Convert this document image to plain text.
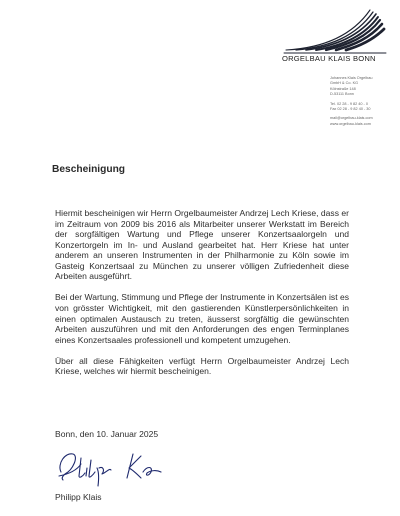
ORGELBAU KLAIS BONN
Johannes Klais Orgelbau
GmbH & Co. KG
Kölnstraße 148
D-53111 Bonn
Tel. 02 28 - 9 82 40 - 0
Fax 02 28 - 9 82 40 - 30
mail@orgelbau-klais.com
www.orgelbau-klais.com
Bescheinigung

Hiermit bescheinigen wir Herrn Orgelbaumeister Andrzej Lech Kriese, dass er im Zeitraum von 2009 bis 2016 als Mitarbeiter unserer Werkstatt im Bereich der sorgfältigen Wartung und Pflege unserer Konzertsaalorgeln und Konzertorgeln im In- und Ausland gearbeitet hat. Herr Kriese hat unter anderem an unseren Instrumenten in der Philharmonie zu Köln sowie im Gasteig Konzertsaal zu München zu unserer völligen Zufriedenheit diese Arbeiten ausgeführt.

Bei der Wartung, Stimmung und Pflege der Instrumente in Konzertsälen ist es von grösster Wichtigkeit, mit den gastierenden Künstlerpersönlichkeiten in einen optimalen Austausch zu treten, äusserst sorgfältig die gewünschten Arbeiten auszuführen und mit den Anforderungen des engen Terminplanes eines Konzertsaales professionell und kompetent umzugehen.

Über all diese Fähigkeiten verfügt Herrn Orgelbaumeister Andrzej Lech Kriese, welches wir hiermit bescheinigen.

Bonn, den 10. Januar 2025
Philipp Klais
